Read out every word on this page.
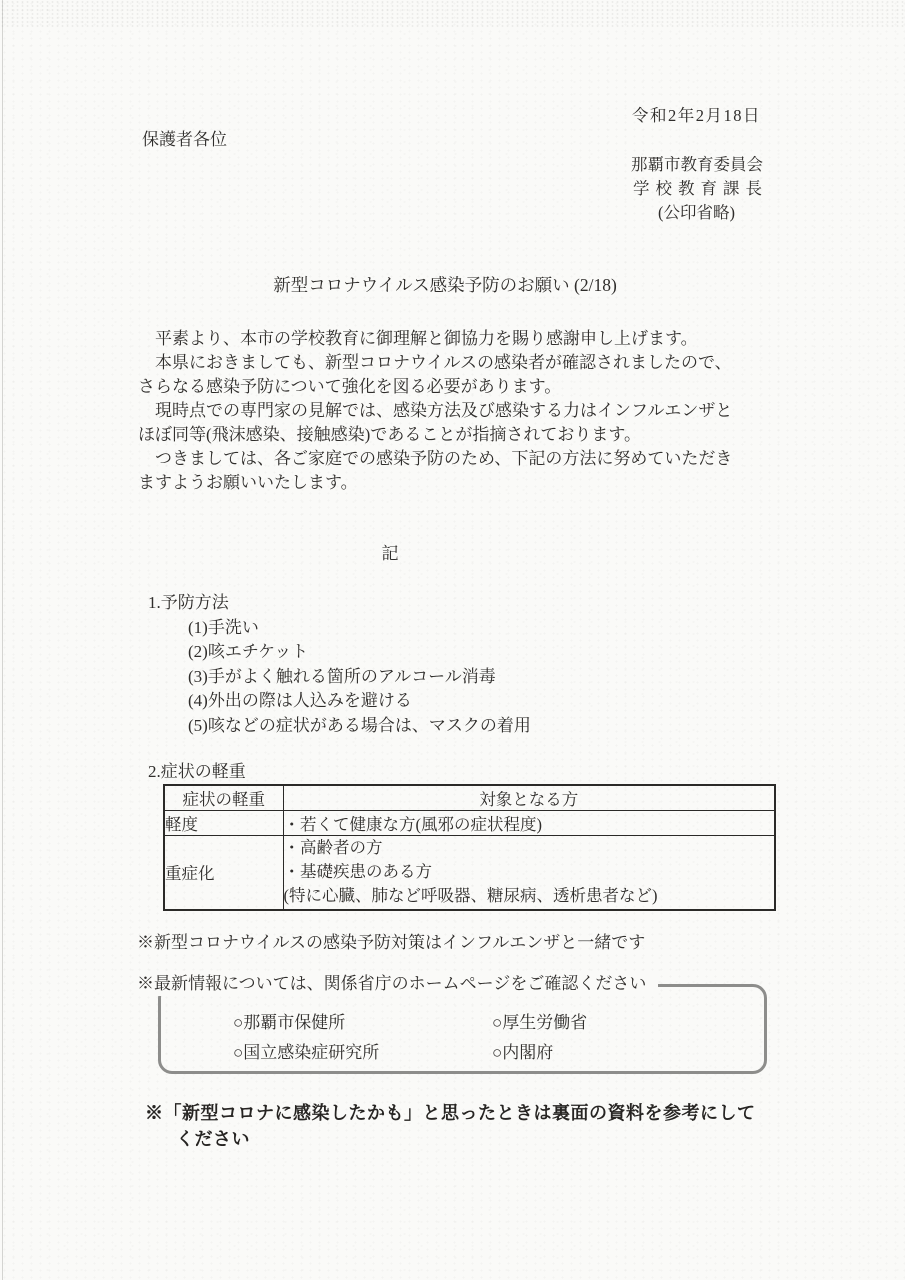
令和2年2月18日
保護者各位
那覇市教育委員会
学校教育課長
(公印省略)
新型コロナウイルス感染予防のお願い (2/18)
　平素より、本市の学校教育に御理解と御協力を賜り感謝申し上げます。
　本県におきましても、新型コロナウイルスの感染者が確認されましたので、
さらなる感染予防について強化を図る必要があります。
　現時点での専門家の見解では、感染方法及び感染する力はインフルエンザと
ほぼ同等(飛沫感染、接触感染)であることが指摘されております。
　つきましては、各ご家庭での感染予防のため、下記の方法に努めていただき
ますようお願いいたします。
記
1.予防方法
(1)手洗い
(2)咳エチケット
(3)手がよく触れる箇所のアルコール消毒
(4)外出の際は人込みを避ける
(5)咳などの症状がある場合は、マスクの着用
2.症状の軽重
症状の軽重	対象となる方
軽度	・若くて健康な方(風邪の症状程度)
重症化	・高齢者の方
・基礎疾患のある方
(特に心臓、肺など呼吸器、糖尿病、透析患者など)
※新型コロナウイルスの感染予防対策はインフルエンザと一緒です
※最新情報については、関係省庁のホームページをご確認ください
○那覇市保健所	○厚生労働省
○国立感染症研究所	○内閣府
※「新型コロナに感染したかも」と思ったときは裏面の資料を参考にして
ください
